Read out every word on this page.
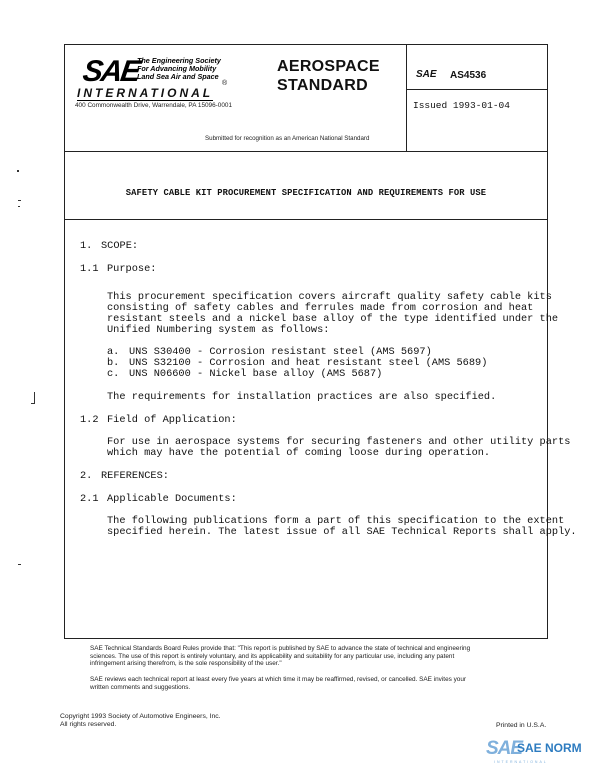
SAE
The Engineering Society
For Advancing Mobility
Land Sea Air and Space
®
INTERNATIONAL
400 Commonwealth Drive, Warrendale, PA 15096-0001
AEROSPACE
STANDARD
Submitted for recognition as an American National Standard
SAE AS4536
Issued 1993-01-04
SAFETY CABLE KIT PROCUREMENT SPECIFICATION AND REQUIREMENTS FOR USE
1. SCOPE:
1.1 Purpose:
This procurement specification covers aircraft quality safety cable kits
consisting of safety cables and ferrules made from corrosion and heat
resistant steels and a nickel base alloy of the type identified under the
Unified Numbering system as follows:
a. UNS S30400 - Corrosion resistant steel (AMS 5697)
b. UNS S32100 - Corrosion and heat resistant steel (AMS 5689)
c. UNS N06600 - Nickel base alloy (AMS 5687)
The requirements for installation practices are also specified.
1.2 Field of Application:
For use in aerospace systems for securing fasteners and other utility parts
which may have the potential of coming loose during operation.
2. REFERENCES:
2.1 Applicable Documents:
The following publications form a part of this specification to the extent
specified herein. The latest issue of all SAE Technical Reports shall apply.
SAE Technical Standards Board Rules provide that: "This report is published by SAE to advance the state of technical and engineering
sciences. The use of this report is entirely voluntary, and its applicability and suitability for any particular use, including any patent
infringement arising therefrom, is the sole responsibility of the user."
SAE reviews each technical report at least every five years at which time it may be reaffirmed, revised, or cancelled. SAE invites your
written comments and suggestions.
Copyright 1993 Society of Automotive Engineers, Inc.
All rights reserved.	Printed in U.S.A.
SAE
SAE NORM
INTERNATIONAL
